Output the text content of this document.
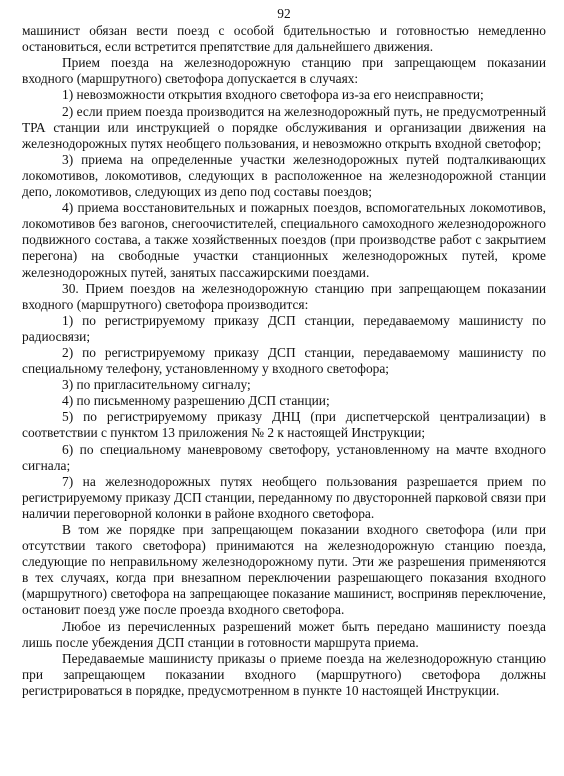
92

машинист обязан вести поезд с особой бдительностью и готовностью немедленно остановиться, если встретится препятствие для дальнейшего движения.

Прием поезда на железнодорожную станцию при запрещающем показании входного (маршрутного) светофора допускается в случаях:

1) невозможности открытия входного светофора из-за его неисправности;

2) если прием поезда производится на железнодорожный путь, не предусмотренный ТРА станции или инструкцией о порядке обслуживания и организации движения на железнодорожных путях необщего пользования, и невозможно открыть входной светофор;

3) приема на определенные участки железнодорожных путей подталкивающих локомотивов, локомотивов, следующих в расположенное на железнодорожной станции депо, локомотивов, следующих из депо под составы поездов;

4) приема восстановительных и пожарных поездов, вспомогательных локомотивов, локомотивов без вагонов, снегоочистителей, специального самоходного железнодорожного подвижного состава, а также хозяйственных поездов (при производстве работ с закрытием перегона) на свободные участки станционных железнодорожных путей, кроме железнодорожных путей, занятых пассажирскими поездами.

30. Прием поездов на железнодорожную станцию при запрещающем показании входного (маршрутного) светофора производится:

1) по регистрируемому приказу ДСП станции, передаваемому машинисту по радиосвязи;

2) по регистрируемому приказу ДСП станции, передаваемому машинисту по специальному телефону, установленному у входного светофора;

3) по пригласительному сигналу;

4) по письменному разрешению ДСП станции;

5) по регистрируемому приказу ДНЦ (при диспетчерской централизации) в соответствии с пунктом 13 приложения № 2 к настоящей Инструкции;

6) по специальному маневровому светофору, установленному на мачте входного сигнала;

7) на железнодорожных путях необщего пользования разрешается прием по регистрируемому приказу ДСП станции, переданному по двусторонней парковой связи при наличии переговорной колонки в районе входного светофора.

В том же порядке при запрещающем показании входного светофора (или при отсутствии такого светофора) принимаются на железнодорожную станцию поезда, следующие по неправильному железнодорожному пути. Эти же разрешения применяются в тех случаях, когда при внезапном переключении разрешающего показания входного (маршрутного) светофора на запрещающее показание машинист, восприняв переключение, остановит поезд уже после проезда входного светофора.

Любое из перечисленных разрешений может быть передано машинисту поезда лишь после убеждения ДСП станции в готовности маршрута приема.

Передаваемые машинисту приказы о приеме поезда на железнодорожную станцию при запрещающем показании входного (маршрутного) светофора должны регистрироваться в порядке, предусмотренном в пункте 10 настоящей Инструкции.
